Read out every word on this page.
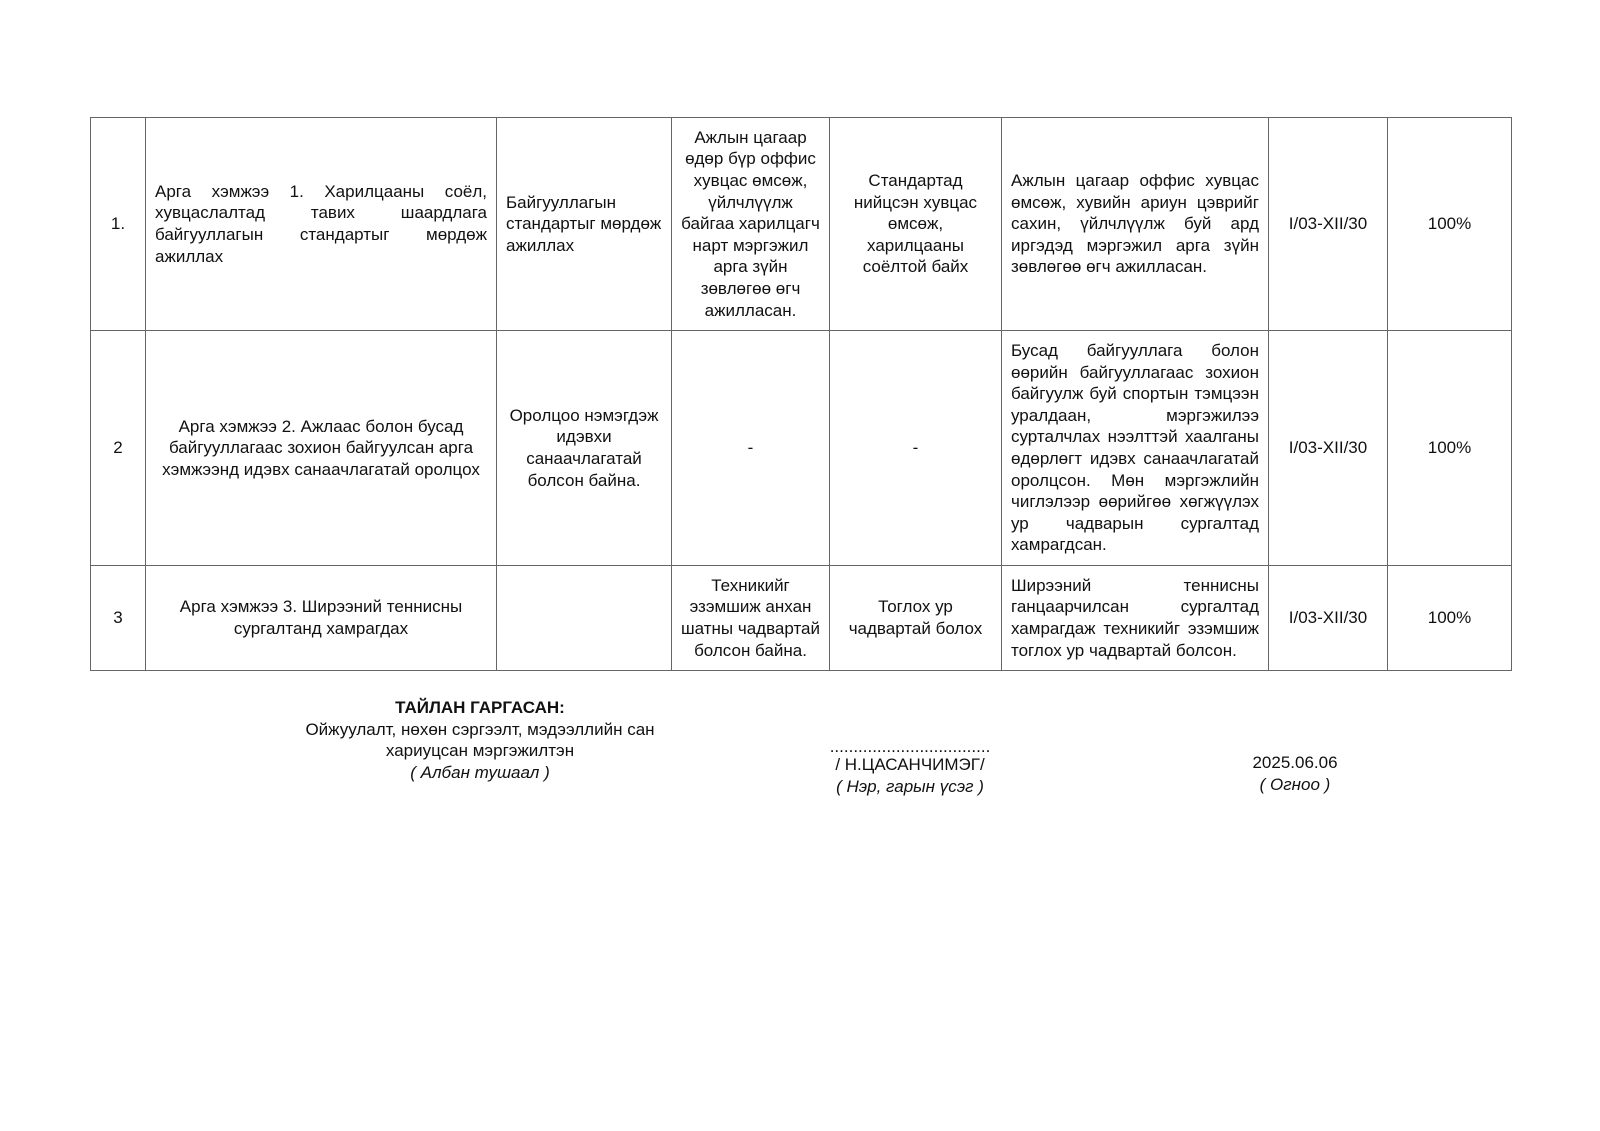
1.	Арга хэмжээ 1. Харилцааны соёл, хувцаслалтад тавих шаардлага байгууллагын стандартыг мөрдөж ажиллах	Байгууллагын стандартыг мөрдөж ажиллах	Ажлын цагаар өдөр бүр оффис хувцас өмсөж, үйлчлүүлж байгаа харилцагч нарт мэргэжил арга зүйн зөвлөгөө өгч ажилласан.	Стандартад нийцсэн хувцас өмсөж, харилцааны соёлтой байх	Ажлын цагаар оффис хувцас өмсөж, хувийн ариун цэврийг сахин, үйлчлүүлж буй ард иргэдэд мэргэжил арга зүйн зөвлөгөө өгч ажилласан.	I/03-XII/30	100%
2	Арга хэмжээ 2. Ажлаас болон бусад байгууллагаас зохион байгуулсан арга хэмжээнд идэвх санаачлагатай оролцох	Оролцоо нэмэгдэж идэвхи санаачлагатай болсон байна.	-	-	Бусад байгууллага болон өөрийн байгууллагаас зохион байгуулж буй спортын тэмцээн уралдаан, мэргэжилээ сурталчлах нээлттэй хаалганы өдөрлөгт идэвх санаачлагатай оролцсон. Мөн мэргэжлийн чиглэлээр өөрийгөө хөгжүүлэх ур чадварын сургалтад хамрагдсан.	I/03-XII/30	100%
3	Арга хэмжээ 3. Ширээний теннисны сургалтанд хамрагдах		Техникийг эзэмшиж анхан шатны чадвартай болсон байна.	Тоглох ур чадвартай болох	Ширээний теннисны ганцаарчилсан сургалтад хамрагдаж техникийг эзэмшиж тоглох ур чадвартай болсон.	I/03-XII/30	100%
ТАЙЛАН ГАРГАСАН:
Ойжуулалт, нөхөн сэргээлт, мэдээллийн сан
хариуцсан мэргэжилтэн
( Албан тушаал )
..................................
/ Н.ЦАСАНЧИМЭГ/
( Нэр, гарын үсэг )
2025.06.06
( Огноо )
